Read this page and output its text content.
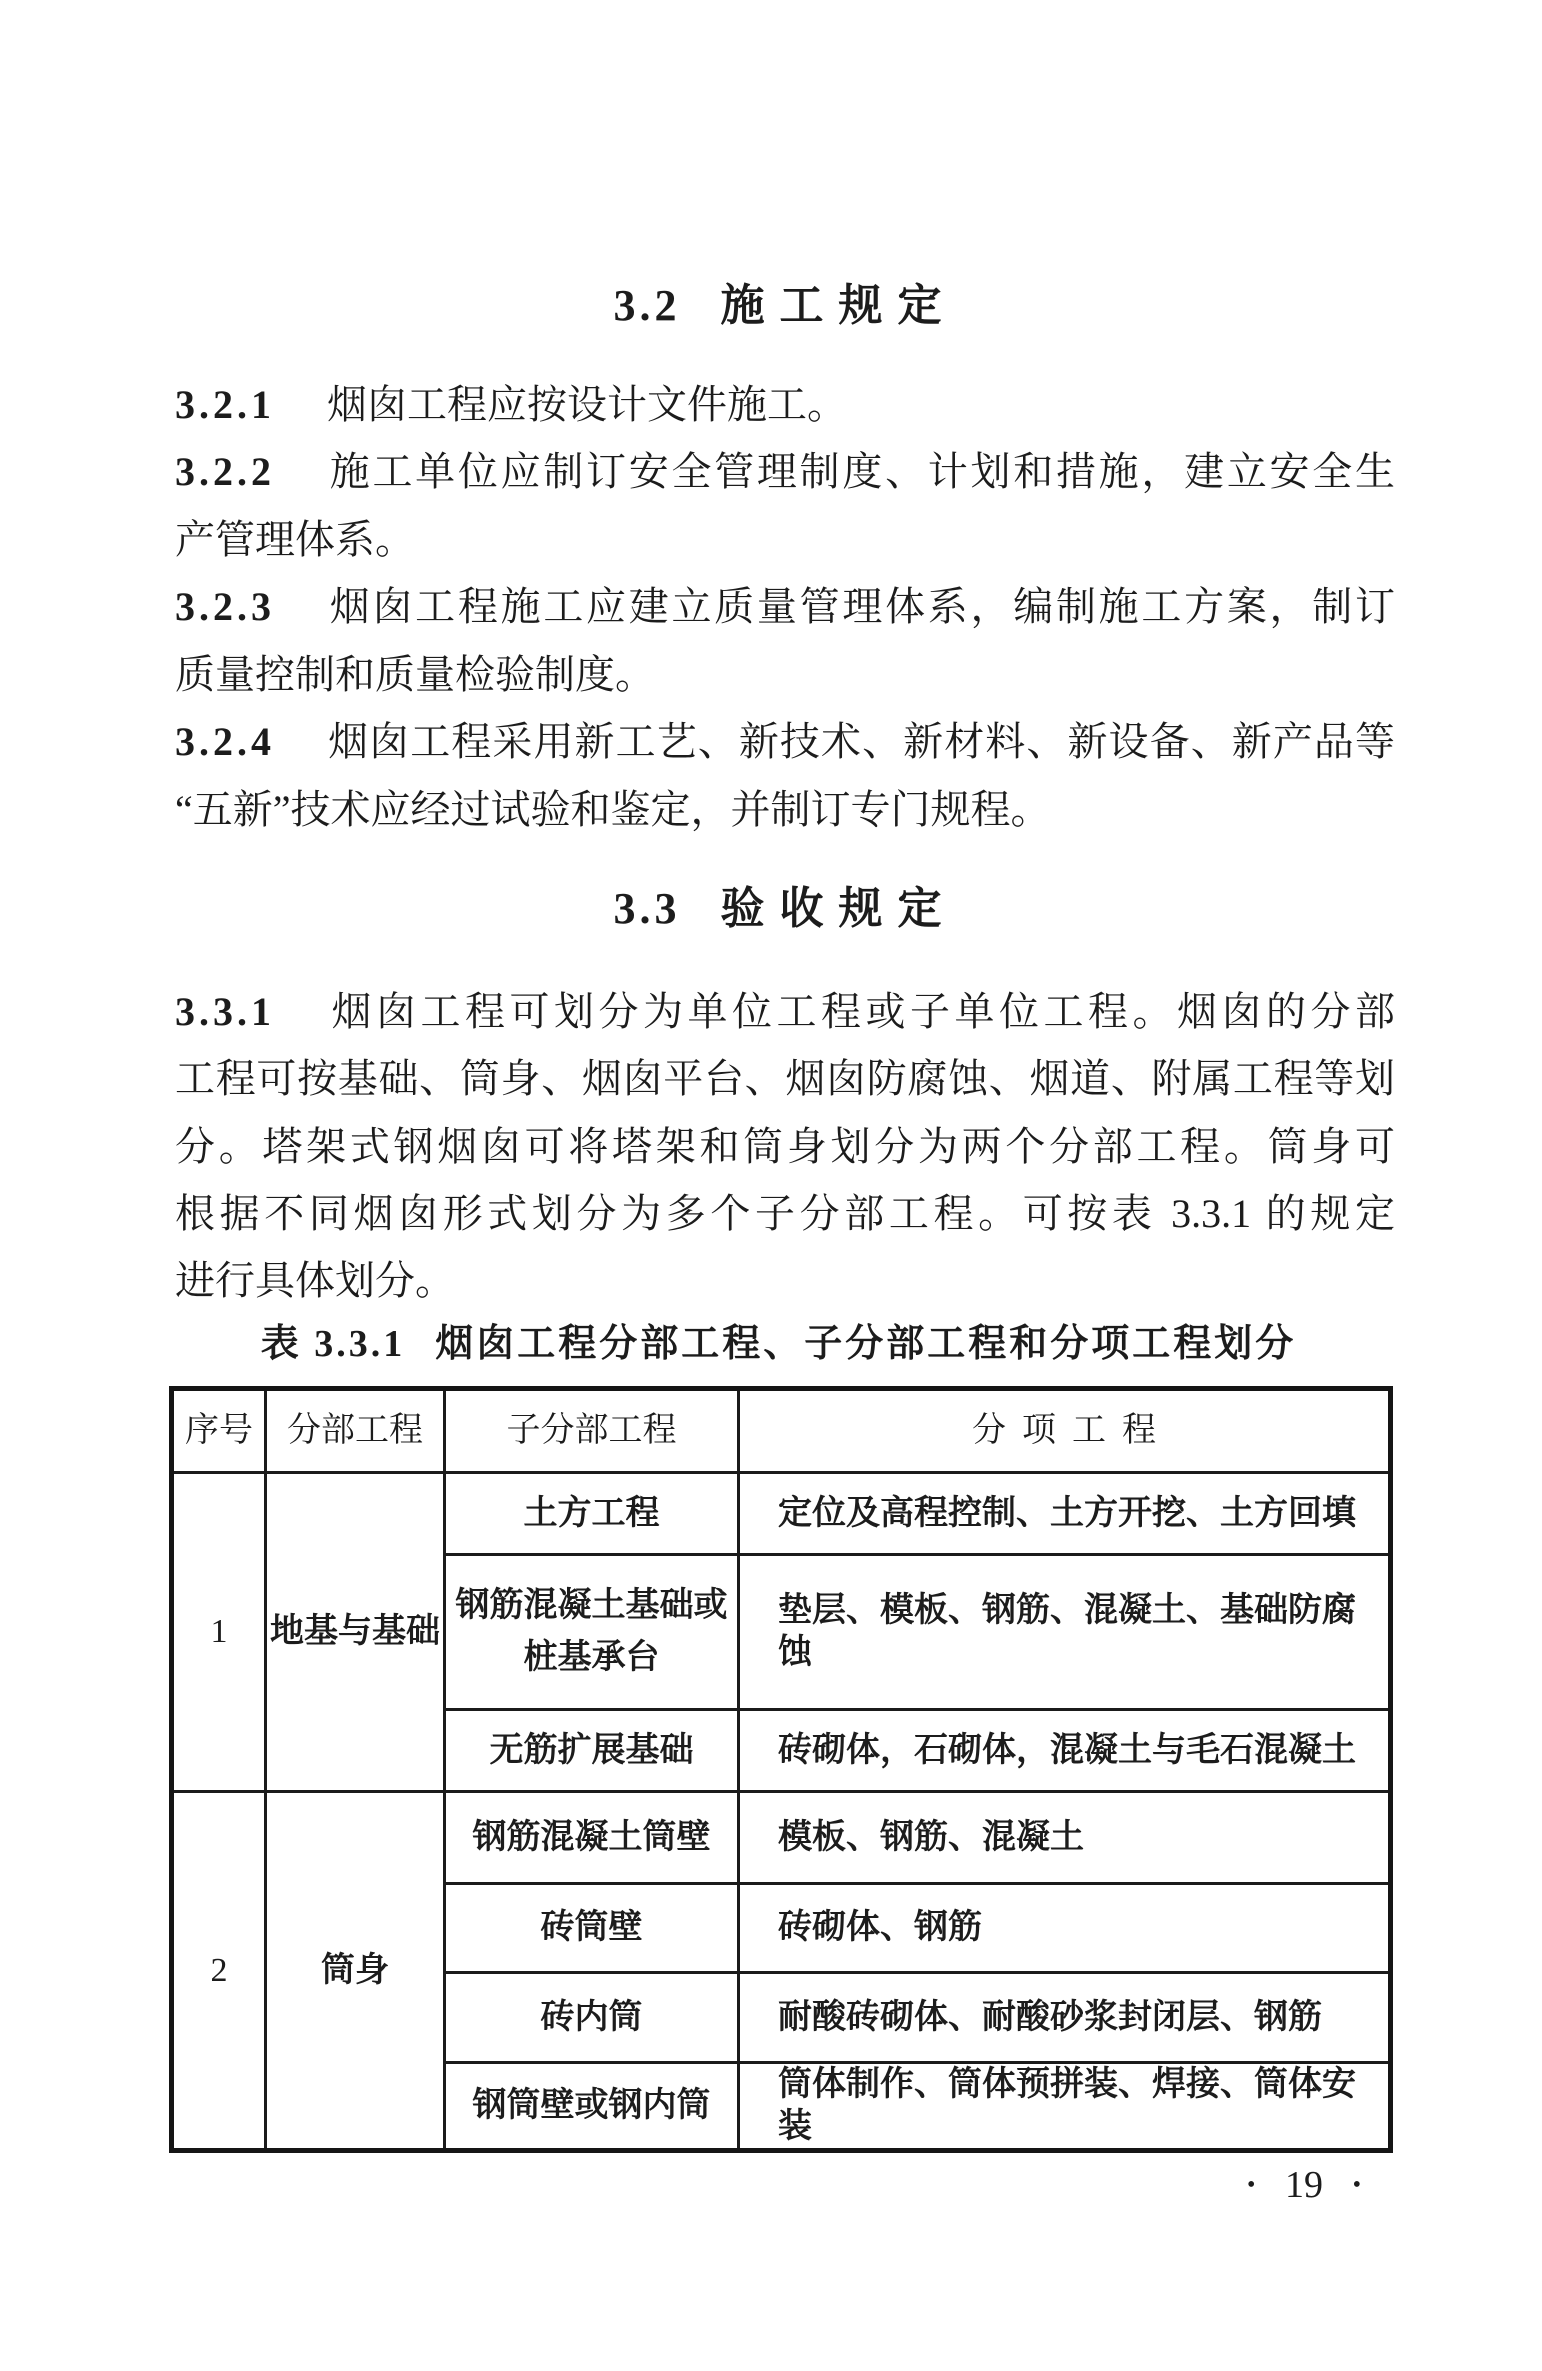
3.2 施工规定
3.2.1 烟囱工程应按设计文件施工。
3.2.2 施工单位应制订安全管理制度、计划和措施，建立安全生
产管理体系。
3.2.3 烟囱工程施工应建立质量管理体系，编制施工方案，制订
质量控制和质量检验制度。
3.2.4 烟囱工程采用新工艺、新技术、新材料、新设备、新产品等
“五新”技术应经过试验和鉴定，并制订专门规程。
3.3 验收规定
3.3.1 烟囱工程可划分为单位工程或子单位工程。烟囱的分部
工程可按基础、筒身、烟囱平台、烟囱防腐蚀、烟道、附属工程等划
分。塔架式钢烟囱可将塔架和筒身划分为两个分部工程。筒身可
根据不同烟囱形式划分为多个子分部工程。可按表 3.3.1 的规定
进行具体划分。
表 3.3.1 烟囱工程分部工程、子分部工程和分项工程划分
序号	分部工程	子分部工程	分项工程
1	地基与基础	土方工程	定位及高程控制、土方开挖、土方回填

		钢筋混凝土基础或
桩基承台	垫层、模板、钢筋、混凝土、基础防腐蚀

		无筋扩展基础	砖砌体，石砌体，混凝土与毛石混凝土
2	筒身	钢筋混凝土筒壁	模板、钢筋、混凝土

		砖筒壁	砖砌体、钢筋

		砖内筒	耐酸砖砌体、耐酸砂浆封闭层、钢筋

		钢筒壁或钢内筒	筒体制作、筒体预拼装、焊接、筒体安装
• 19 •
